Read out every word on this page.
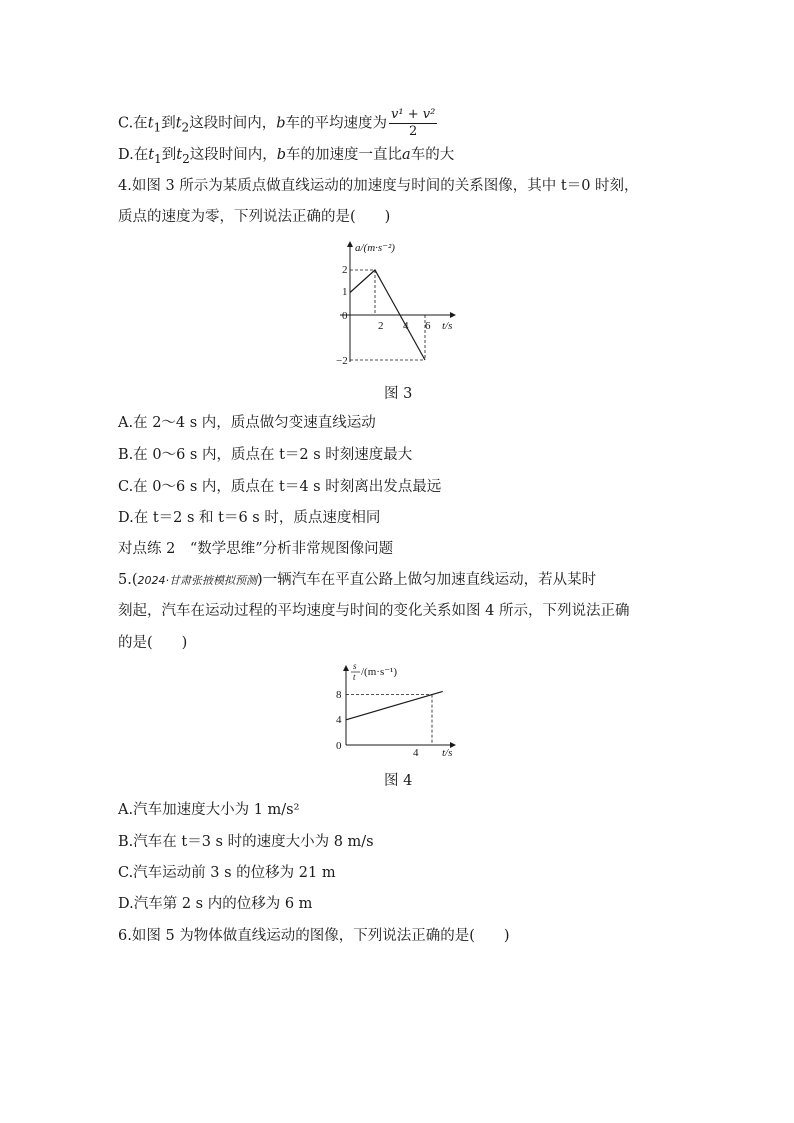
C.在$t_1$到$t_2$这段时间内，b车的平均速度为 $\frac{\text{v¹ + v²}}{2}$
D.在$t_1$到$t_2$这段时间内，b车的加速度一直比a车的大
4.如图 3 所示为某质点做直线运动的加速度与时间的关系图像，其中 t＝0 时刻，
质点的速度为零，下列说法正确的是(　　)
a/(m·s⁻²)
t/s
2
1
0
−2
2 4 6
图 3
A.在 2～4 s 内，质点做匀变速直线运动
B.在 0～6 s 内，质点在 t＝2 s 时刻速度最大
C.在 0～6 s 内，质点在 t＝4 s 时刻离出发点最远
D.在 t＝2 s 和 t＝6 s 时，质点速度相同
对点练 2　“数学思维”分析非常规图像问题
5.(2024·甘肃张掖模拟预测)一辆汽车在平直公路上做匀加速直线运动，若从某时
刻起，汽车在运动过程的平均速度与时间的变化关系如图 4 所示，下列说法正确
的是(　　)
s
t /(m·s⁻¹)
t/s
8
4
0
4
图 4
A.汽车加速度大小为 1 m/s²
B.汽车在 t＝3 s 时的速度大小为 8 m/s
C.汽车运动前 3 s 的位移为 21 m
D.汽车第 2 s 内的位移为 6 m
6.如图 5 为物体做直线运动的图像，下列说法正确的是(　　)
